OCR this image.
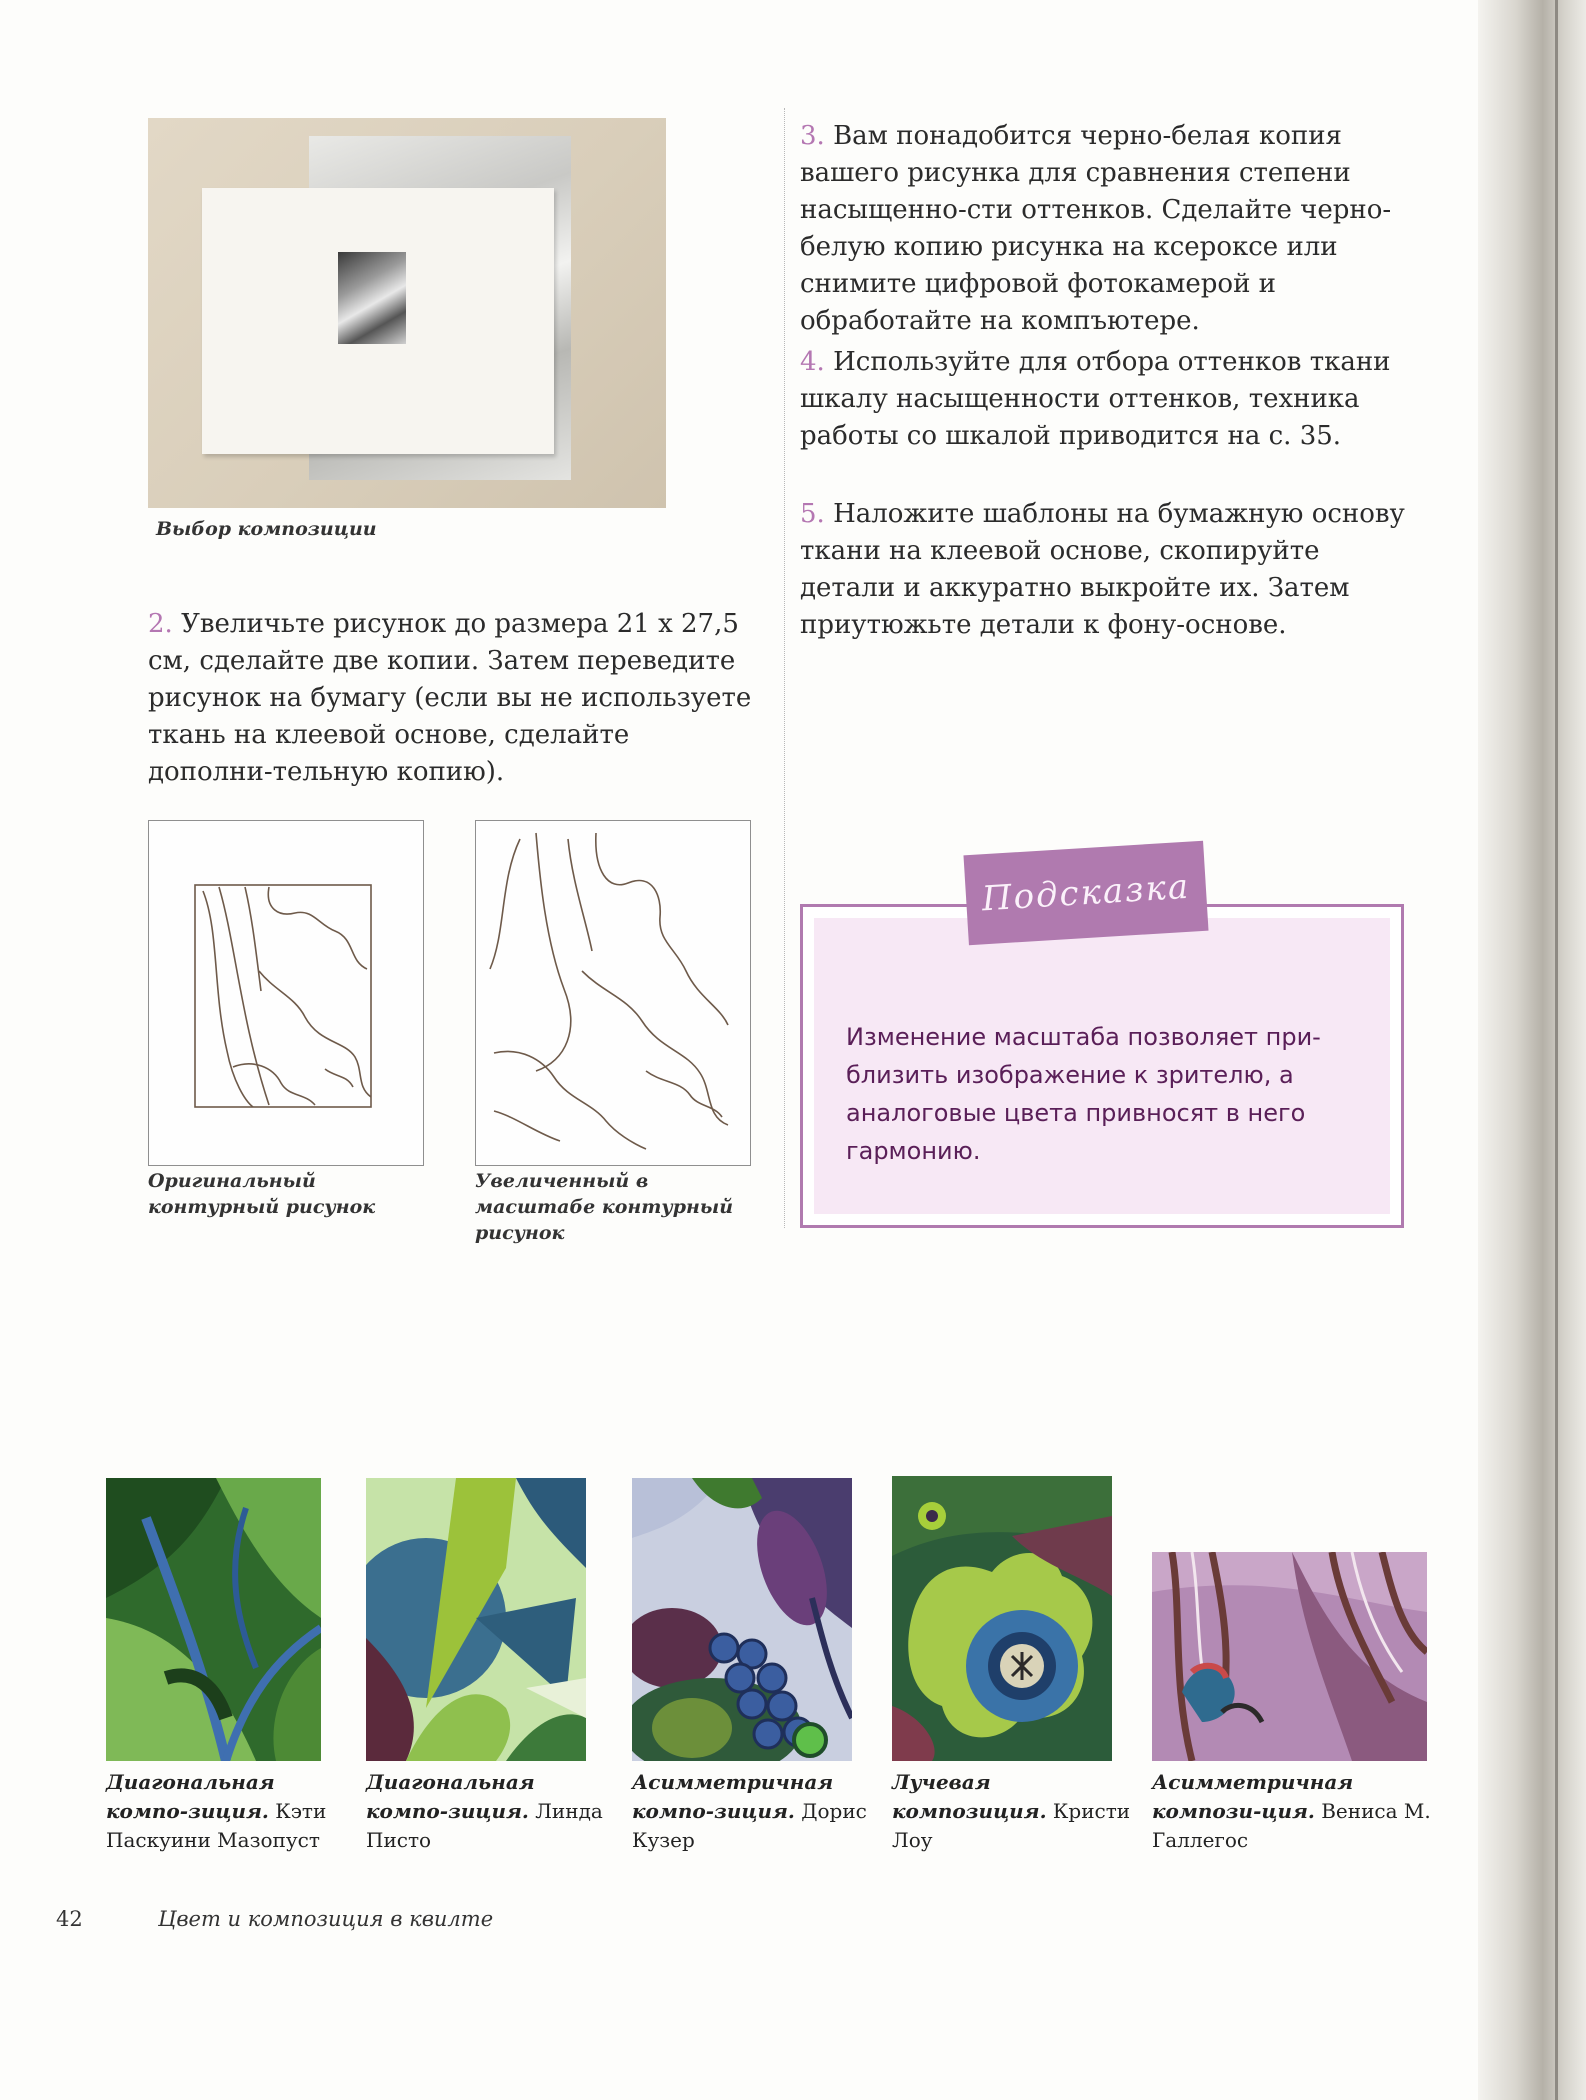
Выбор композиции
2. Увеличьте рисунок до размера 21 х 27,5 см, сделайте две копии. Затем переведите рисунок на бумагу (если вы не используете ткань на клеевой основе, сделайте дополни-тельную копию).
Оригинальный контурный рисунок
Увеличенный в масштабе контурный рисунок
3. Вам понадобится черно-белая копия вашего рисунка для сравнения степени насыщенно-сти оттенков. Сделайте черно-белую копию рисунка на ксероксе или снимите цифровой фотокамерой и обработайте на компъютере.
4. Используйте для отбора оттенков ткани шкалу насыщенности оттенков, техника работы со шкалой приводится на с. 35.
5. Наложите шаблоны на бумажную основу ткани на клеевой основе, скопируйте детали и аккуратно выкройте их. Затем приутюжьте детали к фону-основе.
Подсказка
Изменение масштаба позволяет при-близить изображение к зрителю, а аналоговые цвета привносят в него гармонию.
Диагональная компо-зиция. Кэти Паскуини Мазопуст
Диагональная компо-зиция. Линда Писто
Асимметричная компо-зиция. Дорис Кузер
Лучевая композиция. Кристи Лоу
Асимметричная компози-ция. Вениса М. Галлегос
42	Цвет и композиция в квилте
